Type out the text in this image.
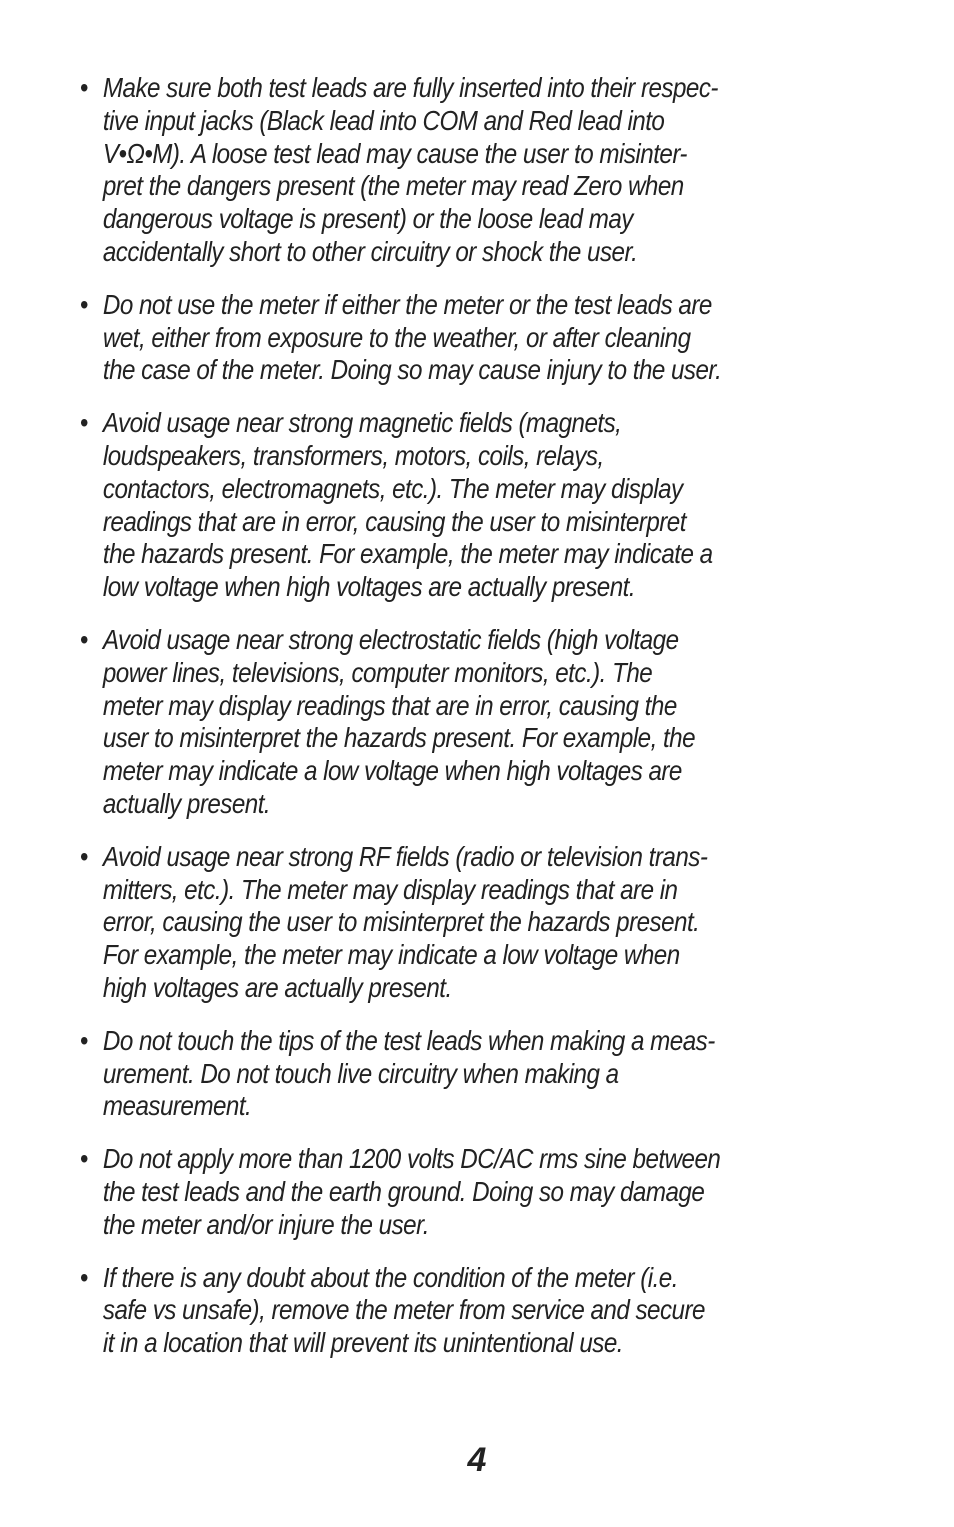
• Make sure both test leads are fully inserted into their respec-
tive input jacks (Black lead into COM and Red lead into
V•Ω•M). A loose test lead may cause the user to misinter-
pret the dangers present (the meter may read Zero when
dangerous voltage is present) or the loose lead may
accidentally short to other circuitry or shock the user.
• Do not use the meter if either the meter or the test leads are
wet, either from exposure to the weather, or after cleaning
the case of the meter. Doing so may cause injury to the user.
• Avoid usage near strong magnetic fields (magnets,
loudspeakers, transformers, motors, coils, relays,
contactors, electromagnets, etc.). The meter may display
readings that are in error, causing the user to misinterpret
the hazards present. For example, the meter may indicate a
low voltage when high voltages are actually present.
• Avoid usage near strong electrostatic fields (high voltage
power lines, televisions, computer monitors, etc.). The
meter may display readings that are in error, causing the
user to misinterpret the hazards present. For example, the
meter may indicate a low voltage when high voltages are
actually present.
• Avoid usage near strong RF fields (radio or television trans-
mitters, etc.). The meter may display readings that are in
error, causing the user to misinterpret the hazards present.
For example, the meter may indicate a low voltage when
high voltages are actually present.
• Do not touch the tips of the test leads when making a meas-
urement. Do not touch live circuitry when making a
measurement.
• Do not apply more than 1200 volts DC/AC rms sine between
the test leads and the earth ground. Doing so may damage
the meter and/or injure the user.
• If there is any doubt about the condition of the meter (i.e.
safe vs unsafe), remove the meter from service and secure
it in a location that will prevent its unintentional use.
4
